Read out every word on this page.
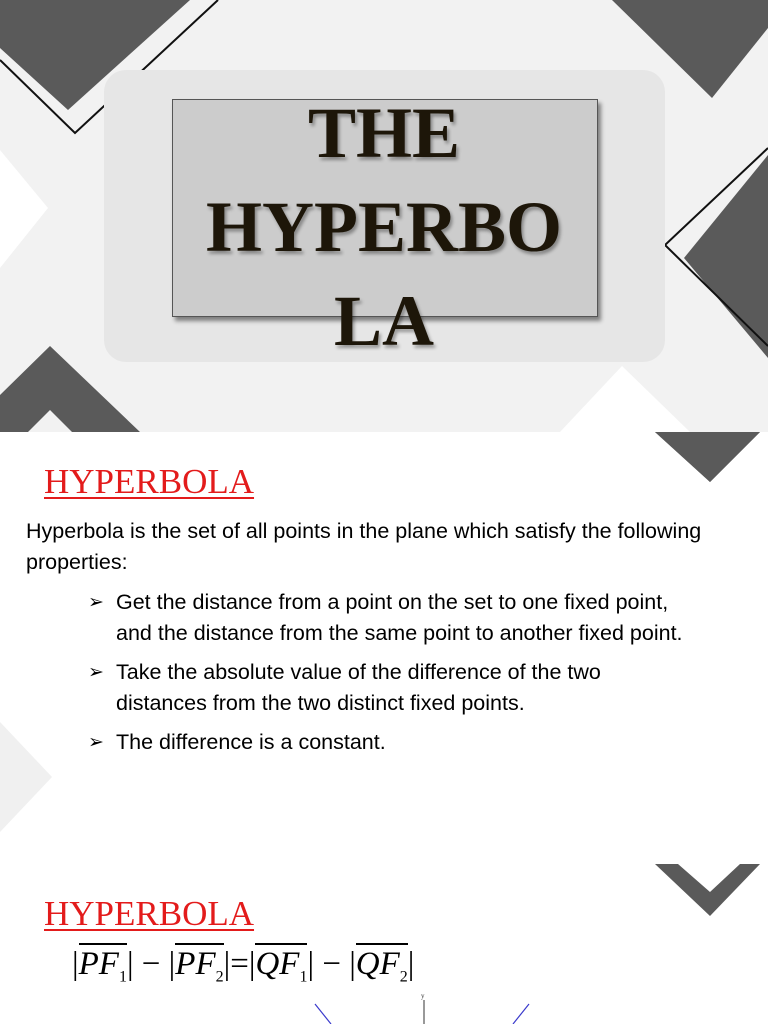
THE
HYPERBO
LA
HYPERBOLA

Hyperbola is the set of all points in the plane which satisfy the following properties:

➢ Get the distance from a point on the set to one fixed point, and the distance from the same point to another fixed point.
➢ Take the absolute value of the difference of the two distances from the two distinct fixed points.
➢ The difference is a constant.
HYPERBOLA
$|PF_1| - |PF_2|=|QF_1| - |QF_2|$
y
